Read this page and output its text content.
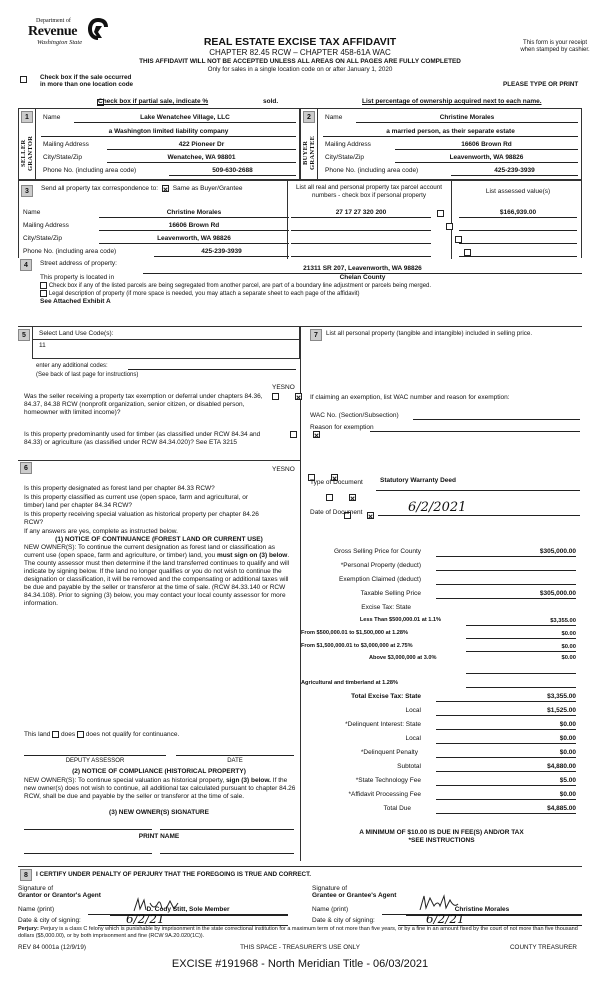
Department of
Revenue
Washington State	REAL ESTATE EXCISE TAX AFFIDAVIT
CHAPTER 82.45 RCW – CHAPTER 458-61A WAC
THIS AFFIDAVIT WILL NOT BE ACCEPTED UNLESS ALL AREAS ON ALL PAGES ARE FULLY COMPLETED
Only for sales in a single location code on or after January 1, 2020
This form is your receipt
when stamped by cashier.

Check box if the sale occurred
in more than one location code	PLEASE TYPE OR PRINT
Check box if partial sale, indicate %	sold.	List percentage of ownership acquired next to each name.
1
SELLER
GRANTOR
Name	Lake Wenatchee Village, LLC
a Washington limited liability company
Mailing Address	422 Pioneer Dr
City/State/Zip	Wenatchee, WA 98801
Phone No. (including area code)	509-630-2688
2
BUYER
GRANTEE
Name	Christine Morales
a married person, as their separate estate
Mailing Address	16606 Brown Rd
City/State/Zip	Leavenworth, WA 98826
Phone No. (including area code)	425-239-3939
3	Send all property tax correspondence to: Same as Buyer/Grantee
Name	Christine Morales
Mailing Address	16606 Brown Rd
City/State/Zip	Leavenworth, WA 98826
Phone No. (including area code)	425-239-3939
List all real and personal property tax parcel account numbers - check box if personal property
List assessed value(s)
27 17 27 320 200
	$166,939.00

4	Street address of property:
21311 SR 207, Leavenworth, WA 98826
This property is located in	Chelan County
Check box if any of the listed parcels are being segregated from another parcel, are part of a boundary line adjustment or parcels being merged.
Legal description of property (if more space is needed, you may attach a separate sheet to each page of the affidavit)
See Attached Exhibit A
5	Select Land Use Code(s):
11
enter any additional codes:
(See back of last page for instructions)
YES NO
Was the seller receiving a property tax exemption or deferral under chapters 84.36, 84.37, 84.38 RCW (nonprofit organization, senior citizen, or disabled person, homeowner with limited income)?

Is this property predominantly used for timber (as classified under RCW 84.34 and 84.33) or agriculture (as classified under RCW 84.34.020)? See ETA 3215

6	YES NO

Is this property designated as forest land per chapter 84.33 RCW?
Is this property classified as current use (open space, farm and agricultural, or timber) land per chapter 84.34 RCW?

Is this property receiving special valuation as historical property per chapter 84.26 RCW?

If any answers are yes, complete as instructed below.
(1) NOTICE OF CONTINUANCE (FOREST LAND OR CURRENT USE)
NEW OWNER(S): To continue the current designation as forest land or classification as current use (open space, farm and agriculture, or timber) land, you must sign on (3) below. The county assessor must then determine if the land transferred continues to qualify and will indicate by signing below. If the land no longer qualifies or you do not wish to continue the designation or classification, it will be removed and the compensating or additional taxes will be due and payable by the seller or transferor at the time of sale. (RCW 84.33.140 or RCW 84.34.108). Prior to signing (3) below, you may contact your local county assessor for more information.
This land does does not qualify for continuance.
DEPUTY ASSESSOR	DATE
(2) NOTICE OF COMPLIANCE (HISTORICAL PROPERTY)
NEW OWNER(S): To continue special valuation as historical property, sign (3) below. If the new owner(s) does not wish to continue, all additional tax calculated pursuant to chapter 84.26 RCW, shall be due and payable by the seller or transferor at the time of sale.
(3) NEW OWNER(S) SIGNATURE
PRINT NAME
7	List all personal property (tangible and intangible) included in selling price.
If claiming an exemption, list WAC number and reason for exemption:
WAC No. (Section/Subsection)
Reason for exemption
Type of Document	Statutory Warranty Deed
Date of Document	6/2/2021
Gross Selling Price for County	$305,000.00
*Personal Property (deduct)
Exemption Claimed (deduct)
Taxable Selling Price	$305,000.00
Excise Tax: State
Less Than $500,000.01 at 1.1%	$3,355.00
From $500,000.01 to $1,500,000 at 1.28%	$0.00
From $1,500,000.01 to $3,000,000 at 2.75%	$0.00
Above $3,000,000 at 3.0%	$0.00
Agricultural and timberland at 1.28%
Total Excise Tax: State	$3,355.00
Local	$1,525.00
*Delinquent Interest: State	$0.00
Local	$0.00
*Delinquent Penalty	$0.00
Subtotal	$4,880.00
*State Technology Fee	$5.00
*Affidavit Processing Fee	$0.00
Total Due	$4,885.00
A MINIMUM OF $10.00 IS DUE IN FEE(S) AND/OR TAX
*SEE INSTRUCTIONS
8	I CERTIFY UNDER PENALTY OF PERJURY THAT THE FOREGOING IS TRUE AND CORRECT.
Signature of
Grantor or Grantor's Agent
Name (print)	D. Cody Stitt, Sole Member
Date & city of signing:	6/2/21
Signature of
Grantee or Grantee's Agent
Name (print)	Christine Morales
Date & city of signing:	6/2/21
Perjury: Perjury is a class C felony which is punishable by imprisonment in the state correctional institution for a maximum term of not more than five years, or by a fine in an amount fixed by the court of not more than five thousand dollars ($5,000.00), or by both imprisonment and fine (RCW 9A.20.020(1C)).
REV 84 0001a (12/9/19)	THIS SPACE - TREASURER'S USE ONLY	COUNTY TREASURER
EXCISE #191968 - North Meridian Title - 06/03/2021
